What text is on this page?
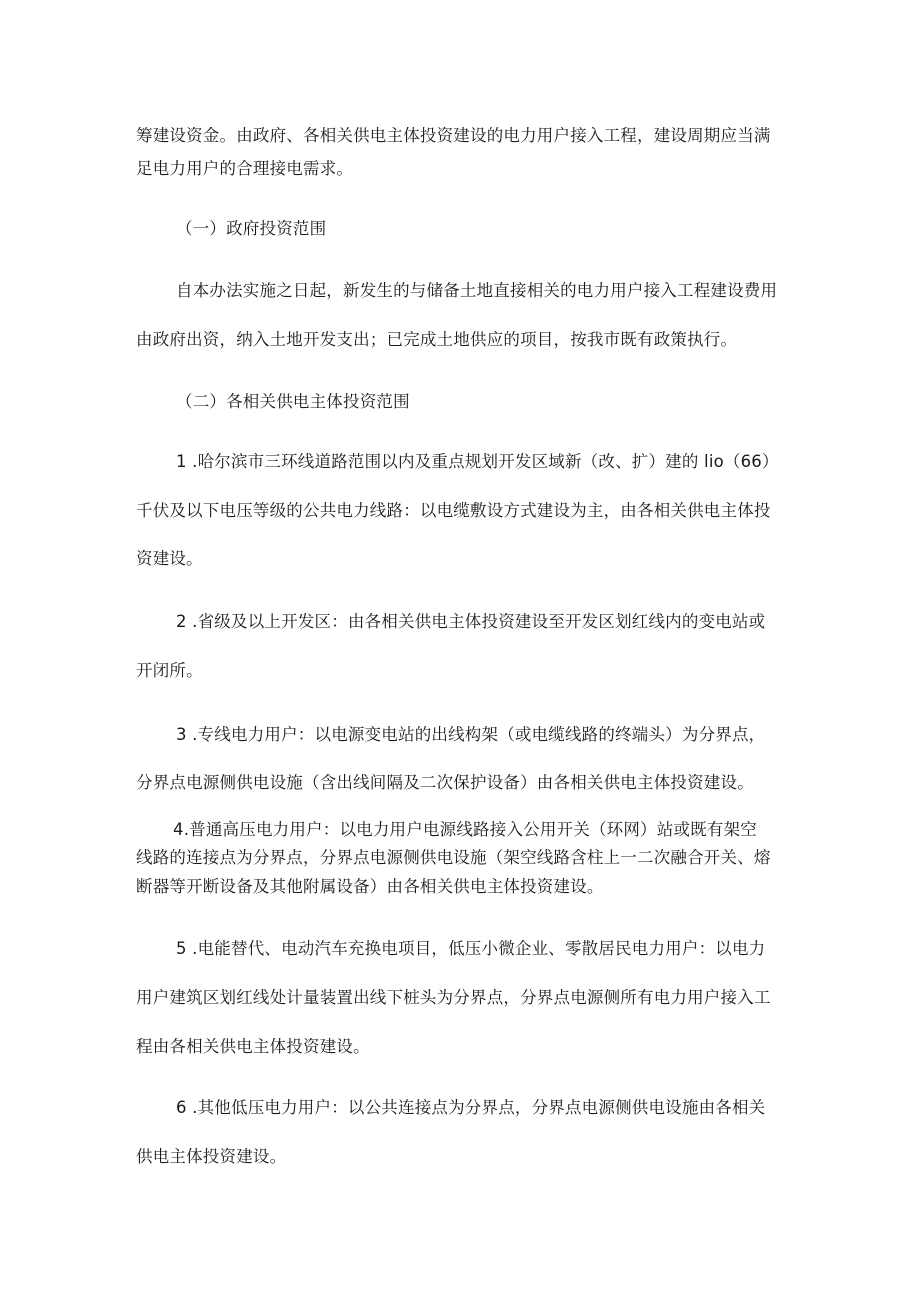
筹建设资金。由政府、各相关供电主体投资建设的电力用户接入工程，建设周期应当满
足电力用户的合理接电需求。
（一）政府投资范围
自本办法实施之日起，新发生的与储备土地直接相关的电力用户接入工程建设费用
由政府出资，纳入土地开发支出；已完成土地供应的项目，按我市既有政策执行。
（二）各相关供电主体投资范围
1 .哈尔滨市三环线道路范围以内及重点规划开发区域新（改、扩）建的 lio（66）
千伏及以下电压等级的公共电力线路：以电缆敷设方式建设为主，由各相关供电主体投
资建设。
2 .省级及以上开发区：由各相关供电主体投资建设至开发区划红线内的变电站或
开闭所。
3 .专线电力用户：以电源变电站的出线构架（或电缆线路的终端头）为分界点，
分界点电源侧供电设施（含出线间隔及二次保护设备）由各相关供电主体投资建设。
4.普通高压电力用户：以电力用户电源线路接入公用开关（环网）站或既有架空
线路的连接点为分界点，分界点电源侧供电设施（架空线路含柱上一二次融合开关、熔
断器等开断设备及其他附属设备）由各相关供电主体投资建设。
5 .电能替代、电动汽车充换电项目，低压小微企业、零散居民电力用户：以电力
用户建筑区划红线处计量装置出线下桩头为分界点，分界点电源侧所有电力用户接入工
程由各相关供电主体投资建设。
6 .其他低压电力用户：以公共连接点为分界点，分界点电源侧供电设施由各相关
供电主体投资建设。
